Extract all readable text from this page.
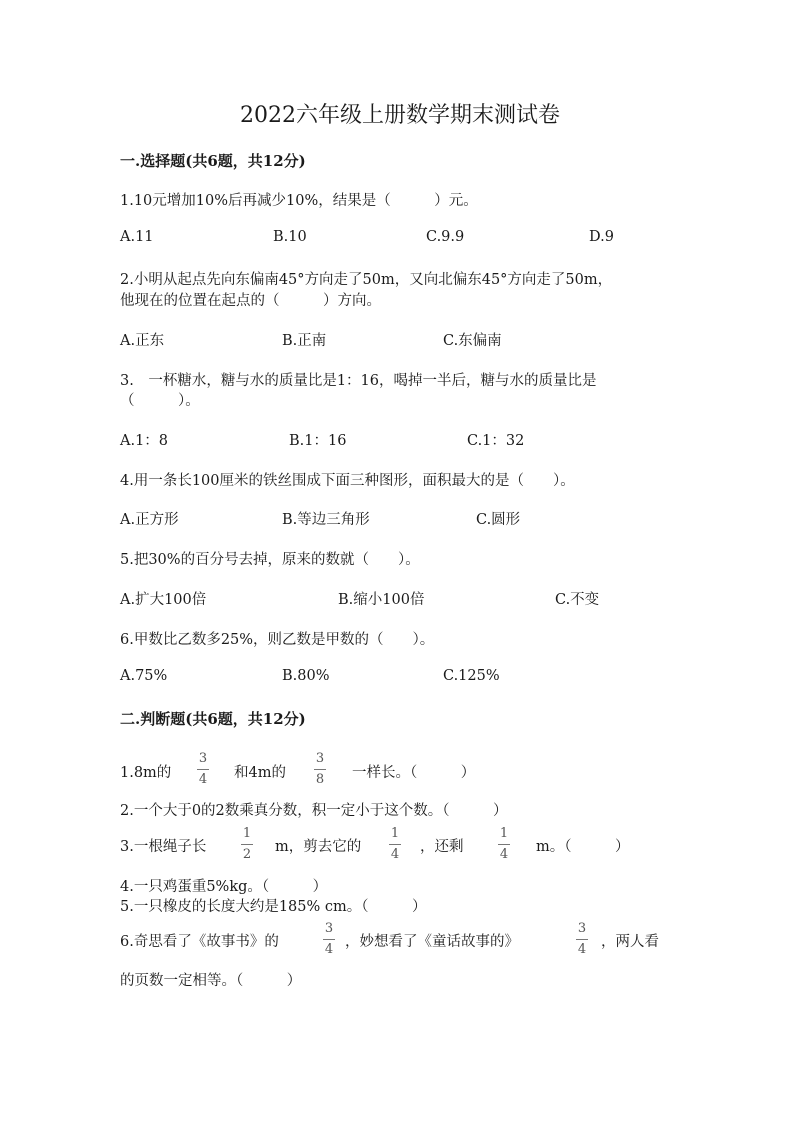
2022六年级上册数学期末测试卷
一.选择题(共6题，共12分)
1.10元增加10%后再减少10%，结果是（　　　）元。
A.11	B.10	C.9.9	D.9
2.小明从起点先向东偏南45°方向走了50m，又向北偏东45°方向走了50m，
他现在的位置在起点的（　　　）方向。
A.正东	B.正南	C.东偏南
3.　一杯糖水，糖与水的质量比是1：16，喝掉一半后，糖与水的质量比是
（　　　）。
A.1：8	B.1：16	C.1：32
4.用一条长100厘米的铁丝围成下面三种图形，面积最大的是（　　）。
A.正方形	B.等边三角形	C.圆形
5.把30%的百分号去掉，原来的数就（　　）。
A.扩大100倍	B.缩小100倍	C.不变
6.甲数比乙数多25%，则乙数是甲数的（　　）。
A.75%	B.80%	C.125%
二.判断题(共6题，共12分)
1.8m的
3
4 和4m的
3
8 一样长。（　　　）
2.一个大于0的2数乘真分数，积一定小于这个数。（　　　）
3.一根绳子长
1
2 m，剪去它的
1
4 ，还剩
1
4 m。（　　　）
4.一只鸡蛋重5%kg。（　　　）
5.一只橡皮的长度大约是185% cm。（　　　）
6.奇思看了《故事书》的
3
4 ，妙想看了《童话故事的》
3
4 ，两人看
的页数一定相等。（　　　）
